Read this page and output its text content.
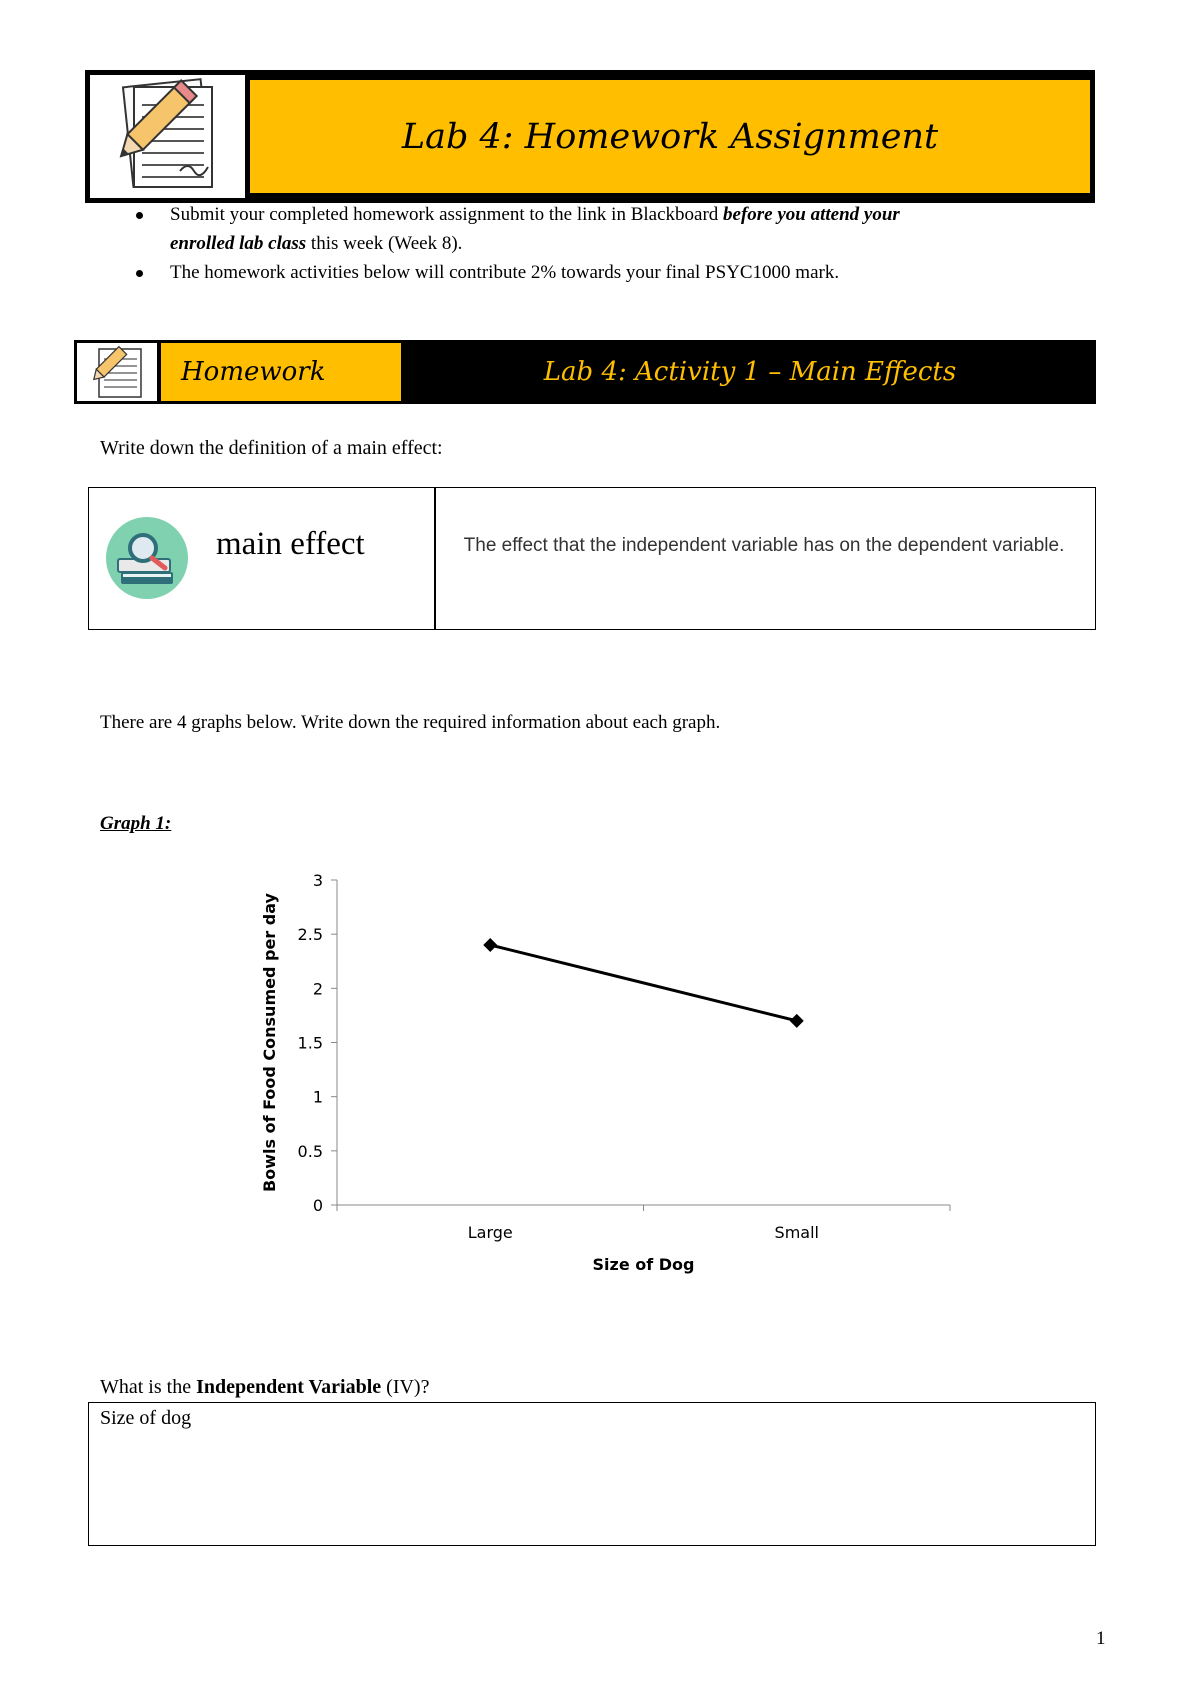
Lab 4: Homework Assignment
Submit your completed homework assignment to the link in Blackboard before you attend your
enrolled lab class this week (Week 8).
The homework activities below will contribute 2% towards your final PSYC1000 mark.
Homework	Lab 4: Activity 1 – Main Effects
Write down the definition of a main effect:
main effect	The effect that the independent variable has on the dependent variable.
There are 4 graphs below. Write down the required information about each graph.
Graph 1:
0
0.5
1
1.5
2
2.5
3
Large	Small
Bowls of Food Consumed per day
Size of Dog
What is the Independent Variable (IV)?
Size of dog
1
